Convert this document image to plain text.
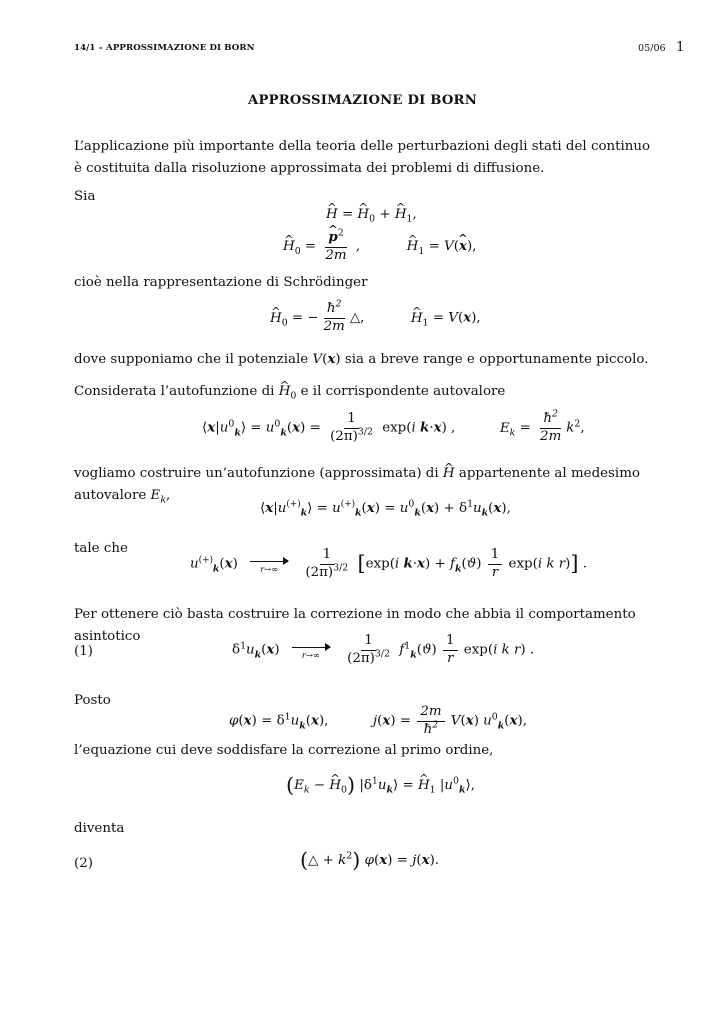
14/1 – APPROSSIMAZIONE DI BORN	05/06 1
APPROSSIMAZIONE DI BORN
L’applicazione più importante della teoria delle perturbazioni degli stati del continuo
è costituita dalla risoluzione approssimata dei problemi di diffusione.
Sia
H ^ = H $\^{}_0 + H$ $\^{}_1$,
H $\^{}_0 = \frac{p \^{}^2}{2m}$ ,	H $\^{}_1 = V(x$ ^),
cioè nella rappresentazione di Schrödinger
H $\^{}_0$ = − $\frac{ħ^2}{2m}$ △,	H $\^{}_1 = V(x)$,
dove supponiamo che il potenziale V(x) sia a breve range e opportunamente piccolo.
Considerata l’autofunzione di H $\^{}_0$ e il corrispondente autovalore
$⟨x|u^0_k⟩ = u^0_k(x) = \frac{1}{(2\pi)^{3/2}} \exp(i$ k·x) ,	$E_k = \frac{ħ^2}{2m} k^2$,
vogliamo costruire un’autofunzione (approssimata) di H ^ appartenente al medesimo autovalore $E_k$,
$⟨x|u^{(+)}_k⟩ = u^{(+)}_k(x) = u^0_k(x) + \delta^1u_k(x)$,
tale che
$u^{(+)}_k(x)$ r→∞
$\frac{1}{(2\pi)^{3/2}} [\exp(i$ $k\cdot x) + f_k(ϑ) \frac{1}{r} \exp(i$ k r)] .
Per ottenere ciò basta costruire la correzione in modo che abbia il comportamento asintotico
(1)	$\delta^1u_k(x)$ r→∞
$\frac{1}{(2\pi)^{3/2}} f^1_k(ϑ) \frac{1}{r} \exp(i$ k r) .
Posto
$\varphi(x) = \delta^1u_k(x)$,	$j(x) = \frac{2m}{ħ^2} V(x)$ $u^0_k(x)$,
l’equazione cui deve soddisfare la correzione al primo ordine,
($E_k - H$ $\^{}_0$) $|\delta^1u_k⟩ = H$ $\^{}_1$ $|u^0_k⟩$,
diventa
(2)	(△ + $k^2$) φ(x) = j(x).
